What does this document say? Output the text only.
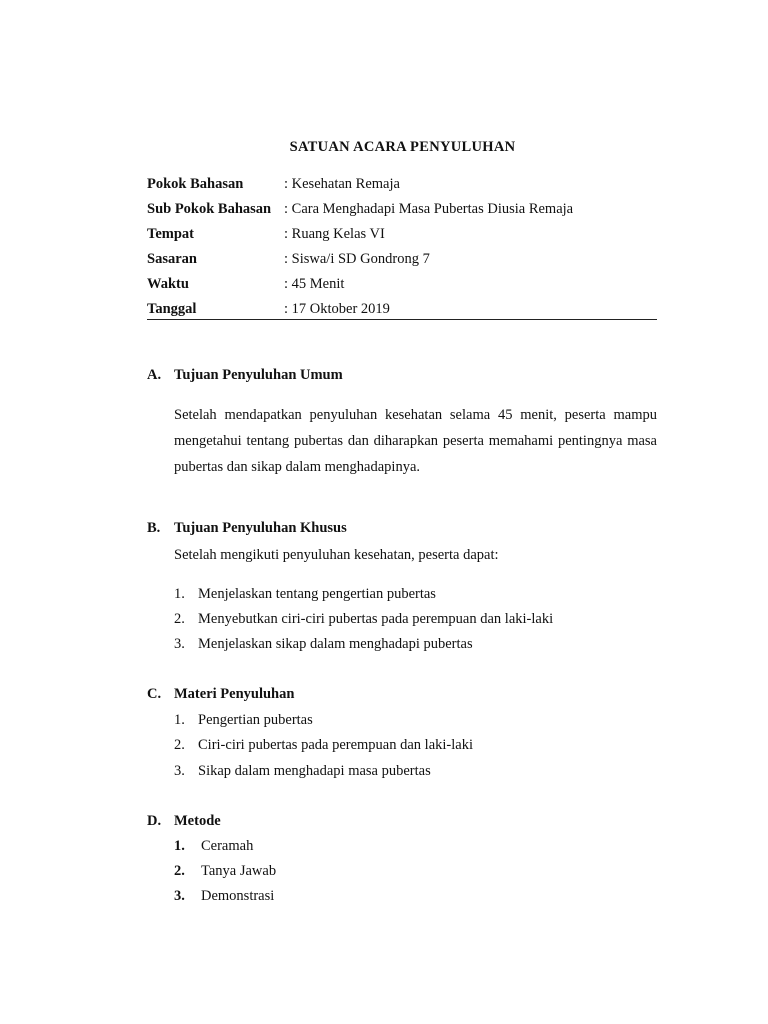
SATUAN ACARA PENYULUHAN
Pokok Bahasan	: Kesehatan Remaja
Sub Pokok Bahasan : Cara Menghadapi Masa Pubertas Diusia Remaja
Tempat	: Ruang Kelas VI
Sasaran	: Siswa/i SD Gondrong 7
Waktu	: 45 Menit
Tanggal	: 17 Oktober 2019
A. Tujuan Penyuluhan Umum
Setelah mendapatkan penyuluhan kesehatan selama 45 menit, peserta mampu mengetahui tentang pubertas dan diharapkan peserta memahami pentingnya masa pubertas dan sikap dalam menghadapinya.
B. Tujuan Penyuluhan Khusus
Setelah mengikuti penyuluhan kesehatan, peserta dapat:
1. Menjelaskan tentang pengertian pubertas
2. Menyebutkan ciri-ciri pubertas pada perempuan dan laki-laki
3. Menjelaskan sikap dalam menghadapi pubertas
C. Materi Penyuluhan
1. Pengertian pubertas
2. Ciri-ciri pubertas pada perempuan dan laki-laki
3. Sikap dalam menghadapi masa pubertas
D. Metode
1. Ceramah
2. Tanya Jawab
3. Demonstrasi
